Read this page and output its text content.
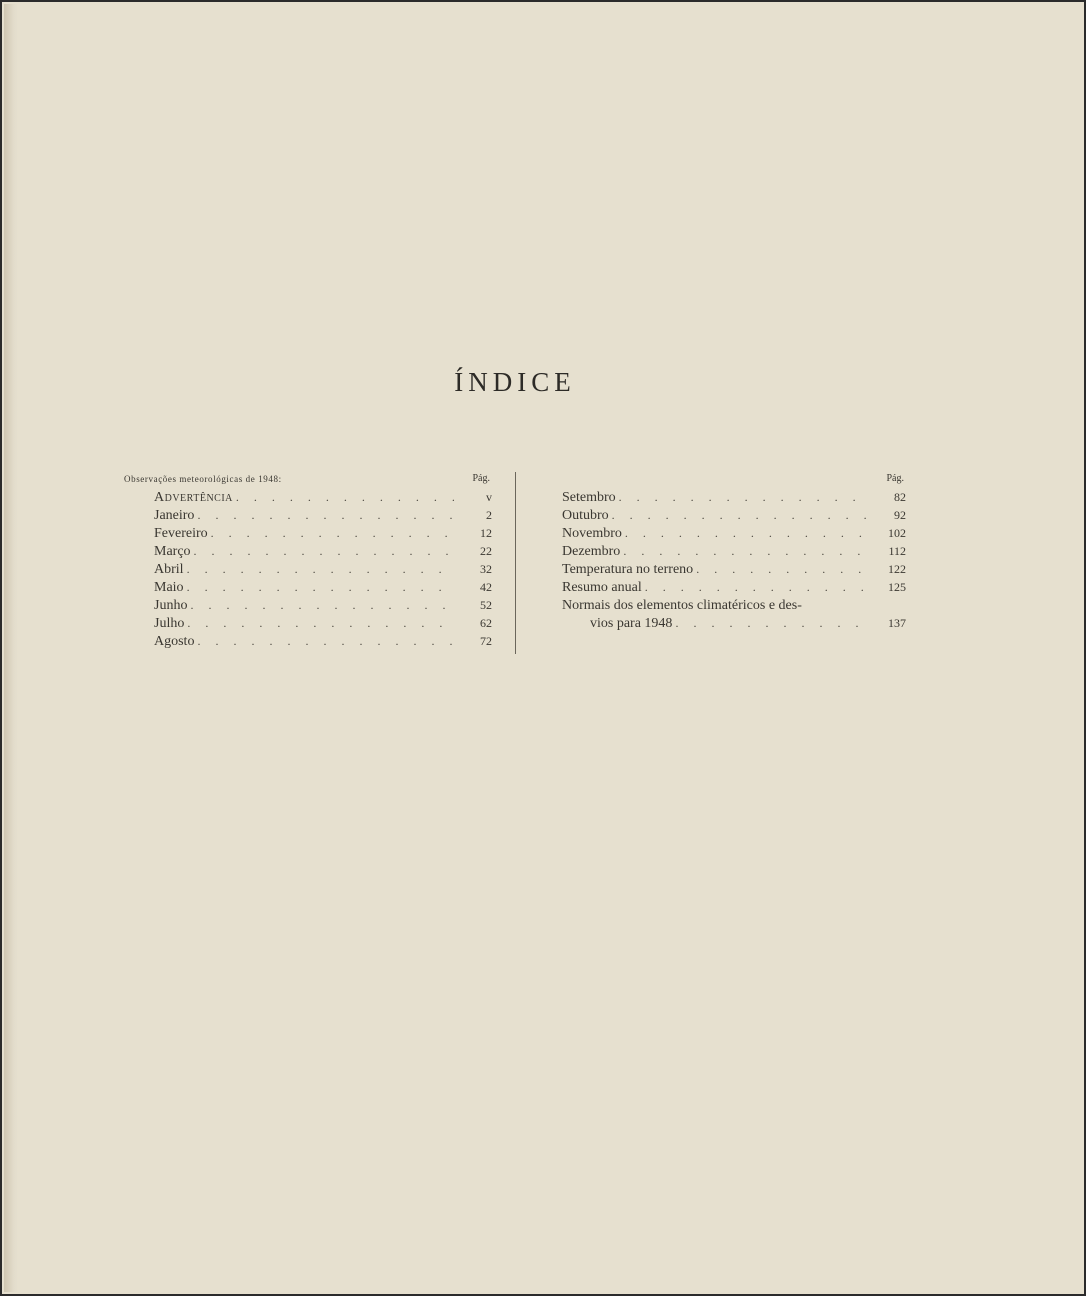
ÍNDICE
Observações meteorológicas de 1948:	Pág.
Advertência . . .	v
Janeiro . . .	2
Fevereiro . . .	12
Março . . .	22
Abril . . .	32
Maio . . .	42
Junho . . .	52
Julho . . .	62
Agosto . . .	72
Pág.
Setembro . . .	82
Outubro . . .	92
Novembro . . .	102
Dezembro . . .	112
Temperatura no terreno . . .	122
Resumo anual . . .	125
Normais dos elementos climatéricos e des-
vios para 1948 . . .	137
